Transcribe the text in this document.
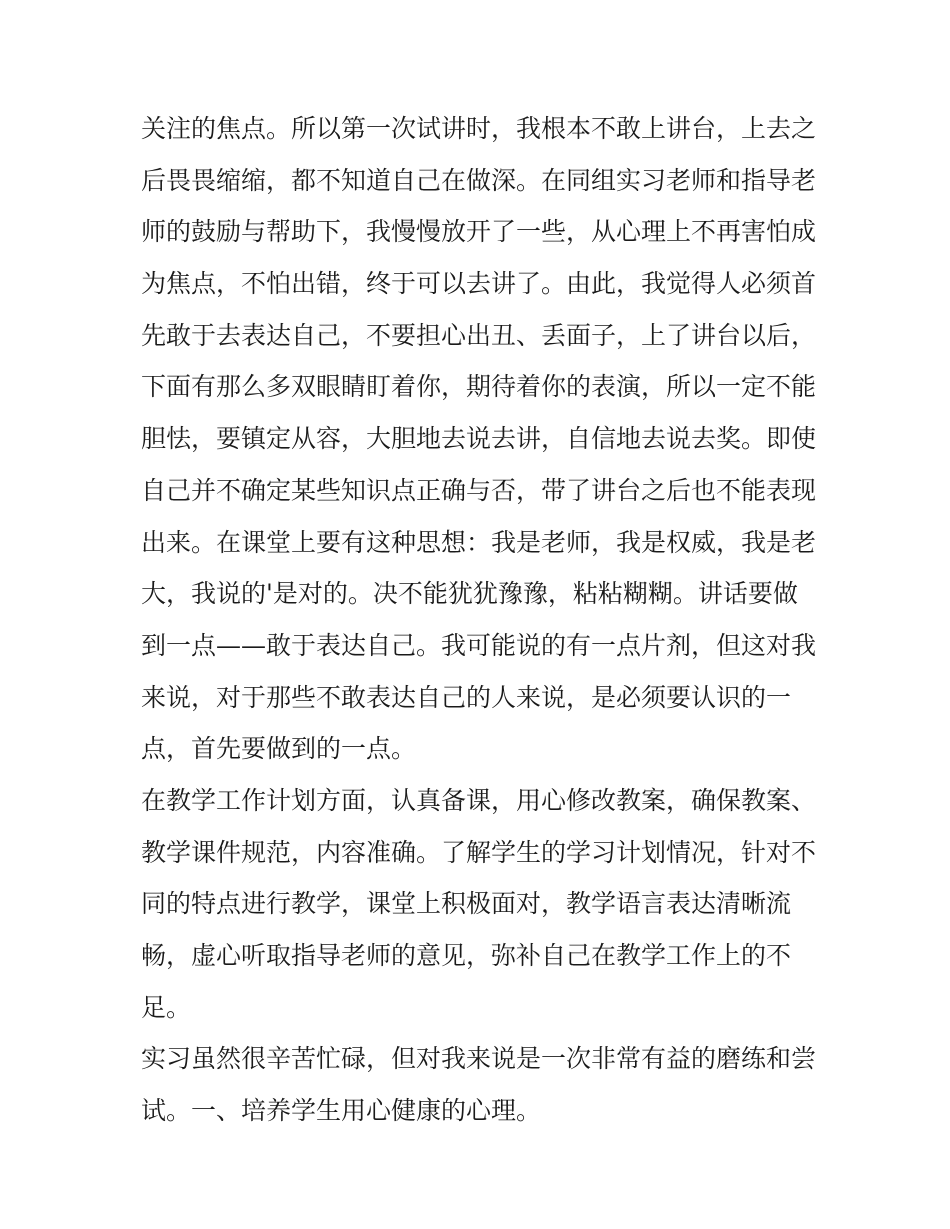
关注的焦点。所以第一次试讲时，我根本不敢上讲台，上去之
后畏畏缩缩，都不知道自己在做深。在同组实习老师和指导老
师的鼓励与帮助下，我慢慢放开了一些，从心理上不再害怕成
为焦点，不怕出错，终于可以去讲了。由此，我觉得人必须首
先敢于去表达自己，不要担心出丑、丢面子，上了讲台以后，
下面有那么多双眼睛盯着你，期待着你的表演，所以一定不能
胆怯，要镇定从容，大胆地去说去讲，自信地去说去奖。即使
自己并不确定某些知识点正确与否，带了讲台之后也不能表现
出来。在课堂上要有这种思想：我是老师，我是权威，我是老
大，我说的'是对的。决不能犹犹豫豫，粘粘糊糊。讲话要做
到一点——敢于表达自己。我可能说的有一点片剂，但这对我
来说，对于那些不敢表达自己的人来说，是必须要认识的一
点，首先要做到的一点。
在教学工作计划方面，认真备课，用心修改教案，确保教案、
教学课件规范，内容准确。了解学生的学习计划情况，针对不
同的特点进行教学，课堂上积极面对，教学语言表达清晰流
畅，虚心听取指导老师的意见，弥补自己在教学工作上的不
足。
实习虽然很辛苦忙碌，但对我来说是一次非常有益的磨练和尝
试。一、培养学生用心健康的心理。
